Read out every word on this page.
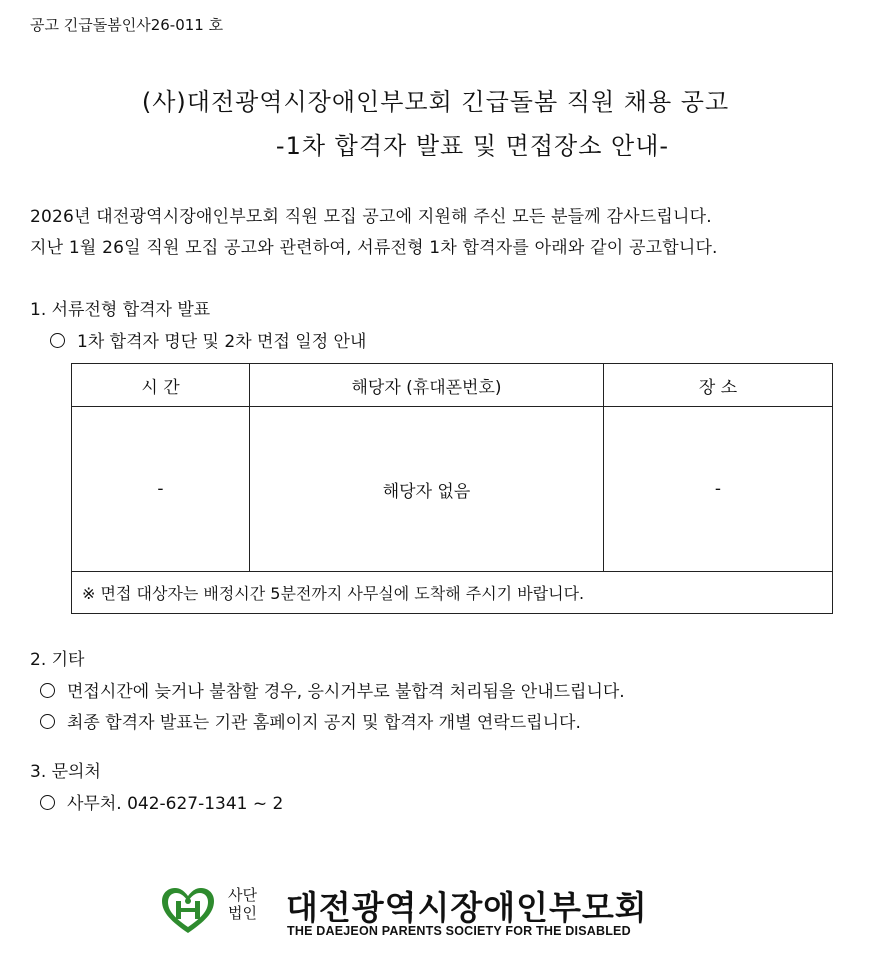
공고 긴급돌봄인사26-011 호
(사)대전광역시장애인부모회 긴급돌봄 직원 채용 공고
-1차 합격자 발표 및 면접장소 안내-
2026년 대전광역시장애인부모회 직원 모집 공고에 지원해 주신 모든 분들께 감사드립니다.
지난 1월 26일 직원 모집 공고와 관련하여, 서류전형 1차 합격자를 아래와 같이 공고합니다.
1. 서류전형 합격자 발표
1차 합격자 명단 및 2차 면접 일정 안내
시 간	해당자 (휴대폰번호)	장 소
-	해당자 없음	-
※ 면접 대상자는 배정시간 5분전까지 사무실에 도착해 주시기 바랍니다.		
2. 기타
면접시간에 늦거나 불참할 경우, 응시거부로 불합격 처리됨을 안내드립니다.
최종 합격자 발표는 기관 홈페이지 공지 및 합격자 개별 연락드립니다.
3. 문의처
사무처. 042-627-1341 ~ 2
사단
법인 대전광역시장애인부모회
THE DAEJEON PARENTS SOCIETY FOR THE DISABLED
